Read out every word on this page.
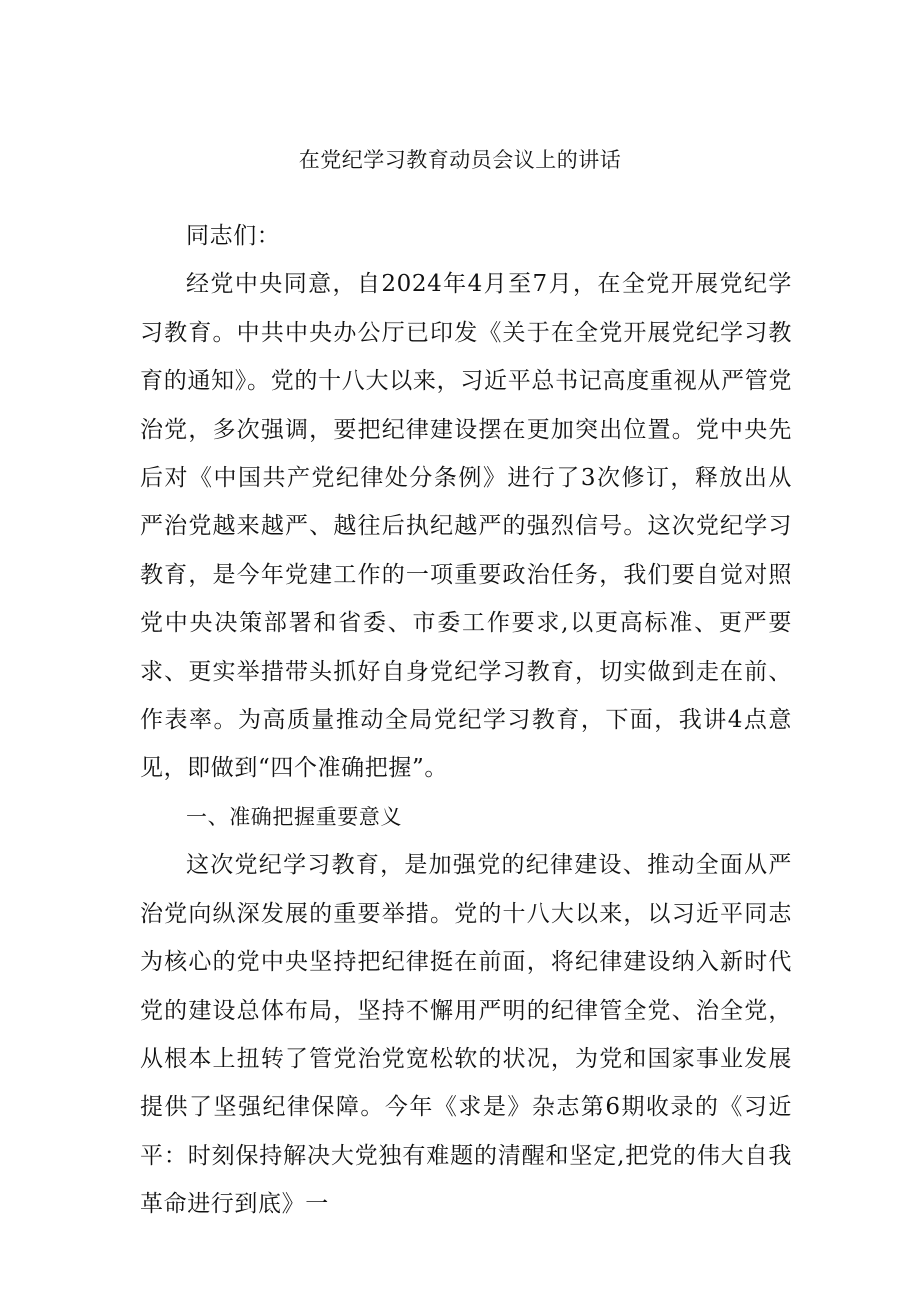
在党纪学习教育动员会议上的讲话

同志们：

经党中央同意，自2024年4月至7月，在全党开展党纪学习教育。中共中央办公厅已印发《关于在全党开展党纪学习教育的通知》。党的十八大以来，习近平总书记高度重视从严管党治党，多次强调，要把纪律建设摆在更加突出位置。党中央先后对《中国共产党纪律处分条例》进行了3次修订，释放出从严治党越来越严、越往后执纪越严的强烈信号。这次党纪学习教育，是今年党建工作的一项重要政治任务，我们要自觉对照党中央决策部署和省委、市委工作要求,以更高标准、更严要求、更实举措带头抓好自身党纪学习教育，切实做到走在前、作表率。为高质量推动全局党纪学习教育，下面，我讲4点意见，即做到“四个准确把握”。

一、准确把握重要意义

这次党纪学习教育，是加强党的纪律建设、推动全面从严治党向纵深发展的重要举措。党的十八大以来，以习近平同志为核心的党中央坚持把纪律挺在前面，将纪律建设纳入新时代党的建设总体布局，坚持不懈用严明的纪律管全党、治全党，从根本上扭转了管党治党宽松软的状况，为党和国家事业发展提供了坚强纪律保障。今年《求是》杂志第6期收录的《习近平：时刻保持解决大党独有难题的清醒和坚定,把党的伟大自我革命进行到底》一
